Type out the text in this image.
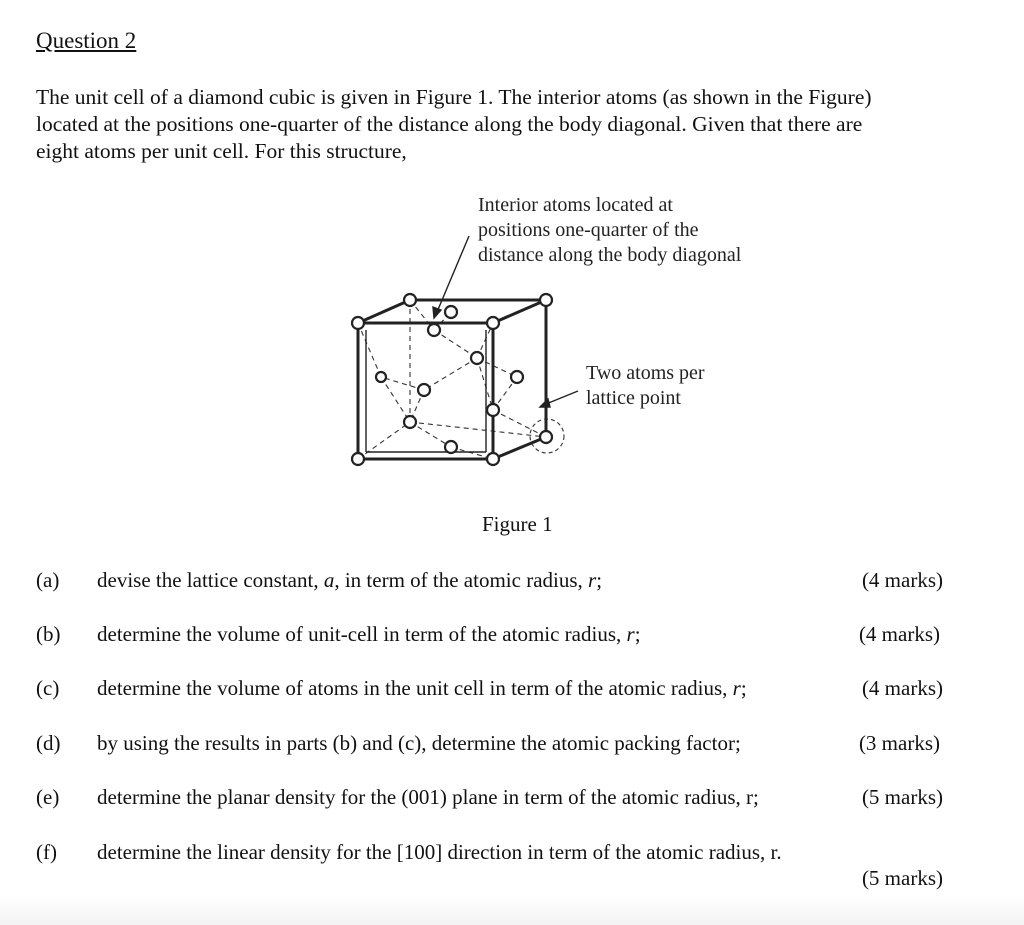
Question 2

The unit cell of a diamond cubic is given in Figure 1. The interior atoms (as shown in the Figure)

located at the positions one-quarter of the distance along the body diagonal. Given that there are

eight atoms per unit cell. For this structure,

Interior atoms located at
positions one-quarter of the
distance along the body diagonal
Two atoms per
lattice point
Figure 1
(a) devise the lattice constant, a, in term of the atomic radius, r;	(4 marks)
(b) determine the volume of unit-cell in term of the atomic radius, r;	(4 marks)
(c) determine the volume of atoms in the unit cell in term of the atomic radius, r;	(4 marks)
(d) by using the results in parts (b) and (c), determine the atomic packing factor;	(3 marks)
(e) determine the planar density for the (001) plane in term of the atomic radius, r;	(5 marks)
(f) determine the linear density for the [100] direction in term of the atomic radius, r.
(5 marks)
